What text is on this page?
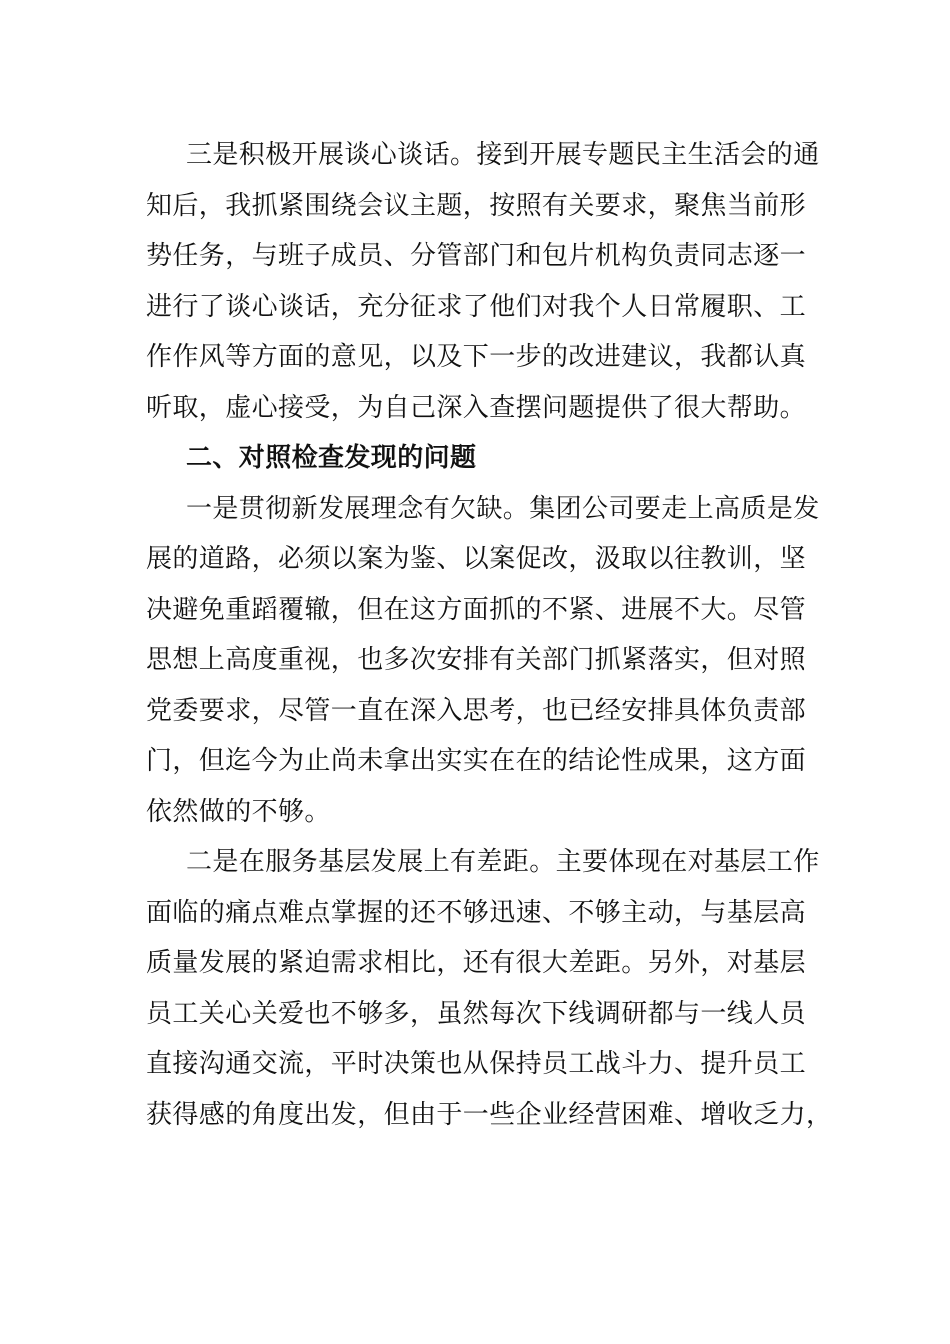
三是积极开展谈心谈话。接到开展专题民主生活会的通
知后，我抓紧围绕会议主题，按照有关要求，聚焦当前形
势任务，与班子成员、分管部门和包片机构负责同志逐一
进行了谈心谈话，充分征求了他们对我个人日常履职、工
作作风等方面的意见，以及下一步的改进建议，我都认真
听取，虚心接受，为自己深入查摆问题提供了很大帮助。
二、对照检查发现的问题
一是贯彻新发展理念有欠缺。集团公司要走上高质是发
展的道路，必须以案为鉴、以案促改，汲取以往教训，坚
决避免重蹈覆辙，但在这方面抓的不紧、进展不大。尽管
思想上高度重视，也多次安排有关部门抓紧落实，但对照
党委要求，尽管一直在深入思考，也已经安排具体负责部
门，但迄今为止尚未拿出实实在在的结论性成果，这方面
依然做的不够。
二是在服务基层发展上有差距。主要体现在对基层工作
面临的痛点难点掌握的还不够迅速、不够主动，与基层高
质量发展的紧迫需求相比，还有很大差距。另外，对基层
员工关心关爱也不够多，虽然每次下线调研都与一线人员
直接沟通交流，平时决策也从保持员工战斗力、提升员工
获得感的角度出发，但由于一些企业经营困难、增收乏力，
